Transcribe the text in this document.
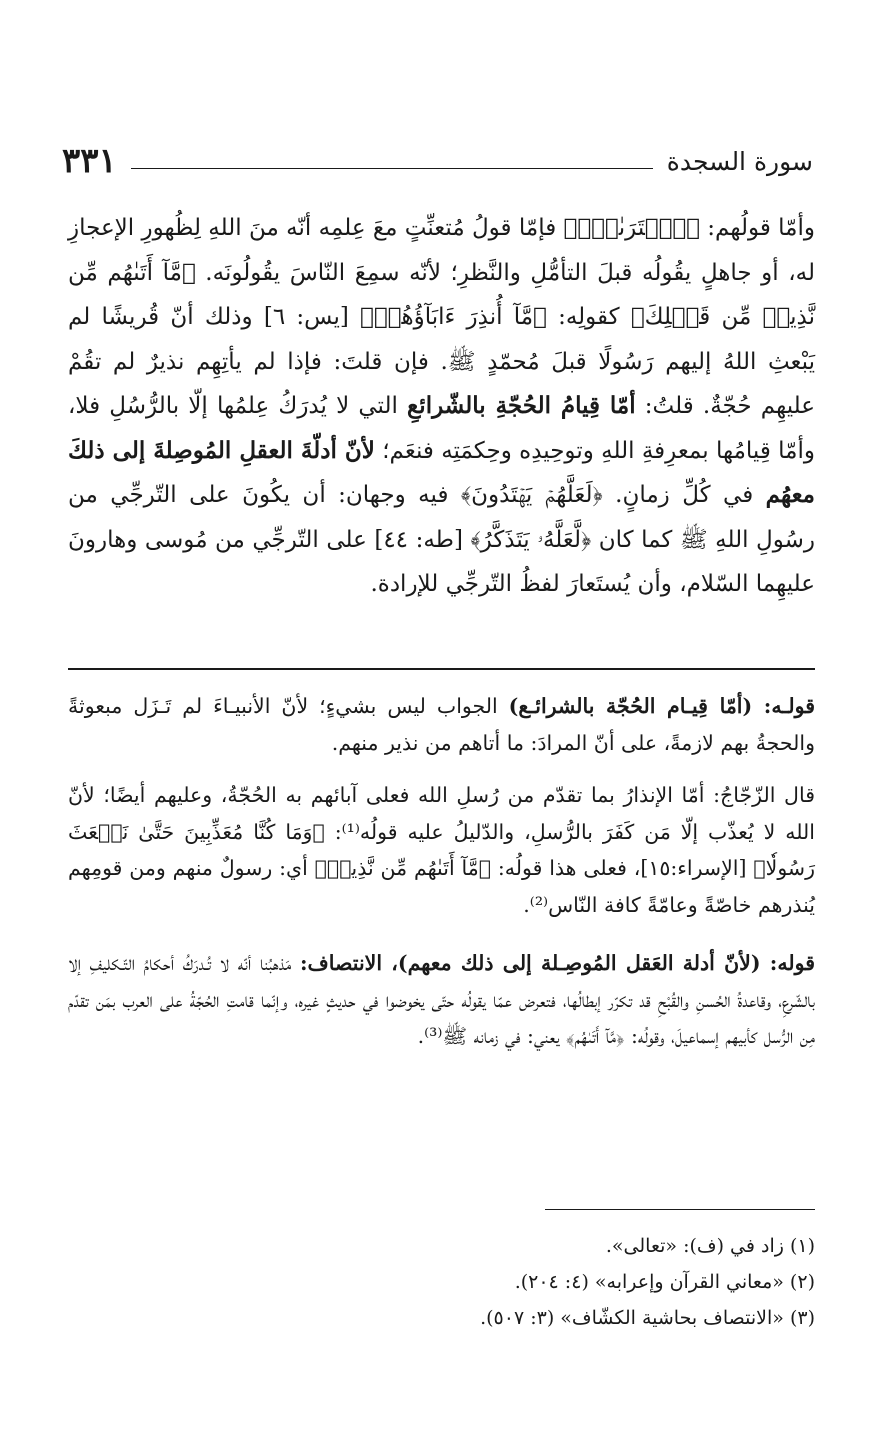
سورة السجدة
٣٣١

وأمّا قولُهم: ﴿ٱفۡتَرَىٰهُۚ﴾ فإمّا قولُ مُتعنِّتٍ معَ عِلمِه أنّه منَ اللهِ لِظُهورِ الإعجازِ له، أو جاهلٍ يقُولُه قبلَ التأمُّلِ والنَّظرِ؛ لأنّه سمِعَ النّاسَ يقُولُونَه. ﴿مَّآ أَتَىٰهُم مِّن نَّذِيرٖ مِّن قَبۡلِكَ﴾ كقولِه: ﴿مَّآ أُنذِرَ ءَابَآؤُهُمۡ﴾ [يس: ٦] وذلك أنّ قُريشًا لم يَبْعثِ اللهُ إليهم رَسُولًا قبلَ مُحمّدٍ ﷺ. فإن قلتَ: فإذا لم يأتِهِم نذيرٌ لم تقُمْ عليهِم حُجّةٌ. قلتُ: أمّا قِيامُ الحُجّةِ بالشّرائعِ التي لا يُدرَكُ عِلمُها إلّا بالرُّسُلِ فلا، وأمّا قِيامُها بمعرِفةِ اللهِ وتوحِيدِه وحِكمَتِه فنعَم؛ لأنّ أدلّةَ العقلِ المُوصِلةَ إلى ذلكَ معهُم في كُلِّ زمانٍ. ﴿لَعَلَّهُمۡ يَهۡتَدُونَ﴾ فيه وجهان: أن يكُونَ على التّرجِّي من رسُولِ اللهِ ﷺ كما كان ﴿لَّعَلَّهُۥ يَتَذَكَّرُ﴾ [طه: ٤٤] على التّرجِّي من مُوسى وهارونَ عليهِما السّلام، وأن يُستَعارَ لفظُ التّرجِّي للإرادة.

قولـه: (أمّا قِيـام الحُجّة بالشرائـع) الجواب ليس بشيءٍ؛ لأنّ الأنبيـاءَ لم تَـزَل مبعوثةً والحجةُ بهم لازمةً، على أنّ المرادَ: ما أتاهم من نذير منهم.

قال الزّجّاجُ: أمّا الإنذارُ بما تقدّم من رُسلِ الله فعلى آبائهم به الحُجّةُ، وعليهم أيضًا؛ لأنّ الله لا يُعذّب إلّا مَن كَفَرَ بالرُّسلِ، والدّليلُ عليه قولُه⁽¹⁾: ﴿وَمَا كُنَّا مُعَذِّبِينَ حَتَّىٰ نَبۡعَثَ رَسُولٗا﴾ [الإسراء:١٥]، فعلى هذا قولُه: ﴿مَّآ أَتَىٰهُم مِّن نَّذِيرٖ﴾ أي: رسولٌ منهم ومن قومِهم يُنذرهم خاصّةً وعامّةً كافة النّاس⁽²⁾.

قوله: (لأنّ أدلة العَقل المُوصِـلة إلى ذلك معهم)، الانتصاف: مَذهبُنا أنّه لا تُـدرَكُ أحكامُ التّـكليفِ إلا بالشّرعِ، وقاعدةُ الحُسنِ والقُبْحِ قد تكرّر إبطالُها، فتعرض عمّا يقولُه حتّى يخوضوا في حديثٍ غيره، وإنّما قامتِ الحُجّةُ على العرب بمَن تقدّم مِن الرُّسل كأبيهم إسماعيلَ، وقولُه: ﴿مَّآ أَتَىٰهُم﴾ يعني: في زمانه ﷺ⁽³⁾.

(١) زاد في (ف): «تعالى».
(٢) «معاني القرآن وإعرابه» (٤: ٢٠٤).
(٣) «الانتصاف بحاشية الكشّاف» (٣: ٥٠٧).
